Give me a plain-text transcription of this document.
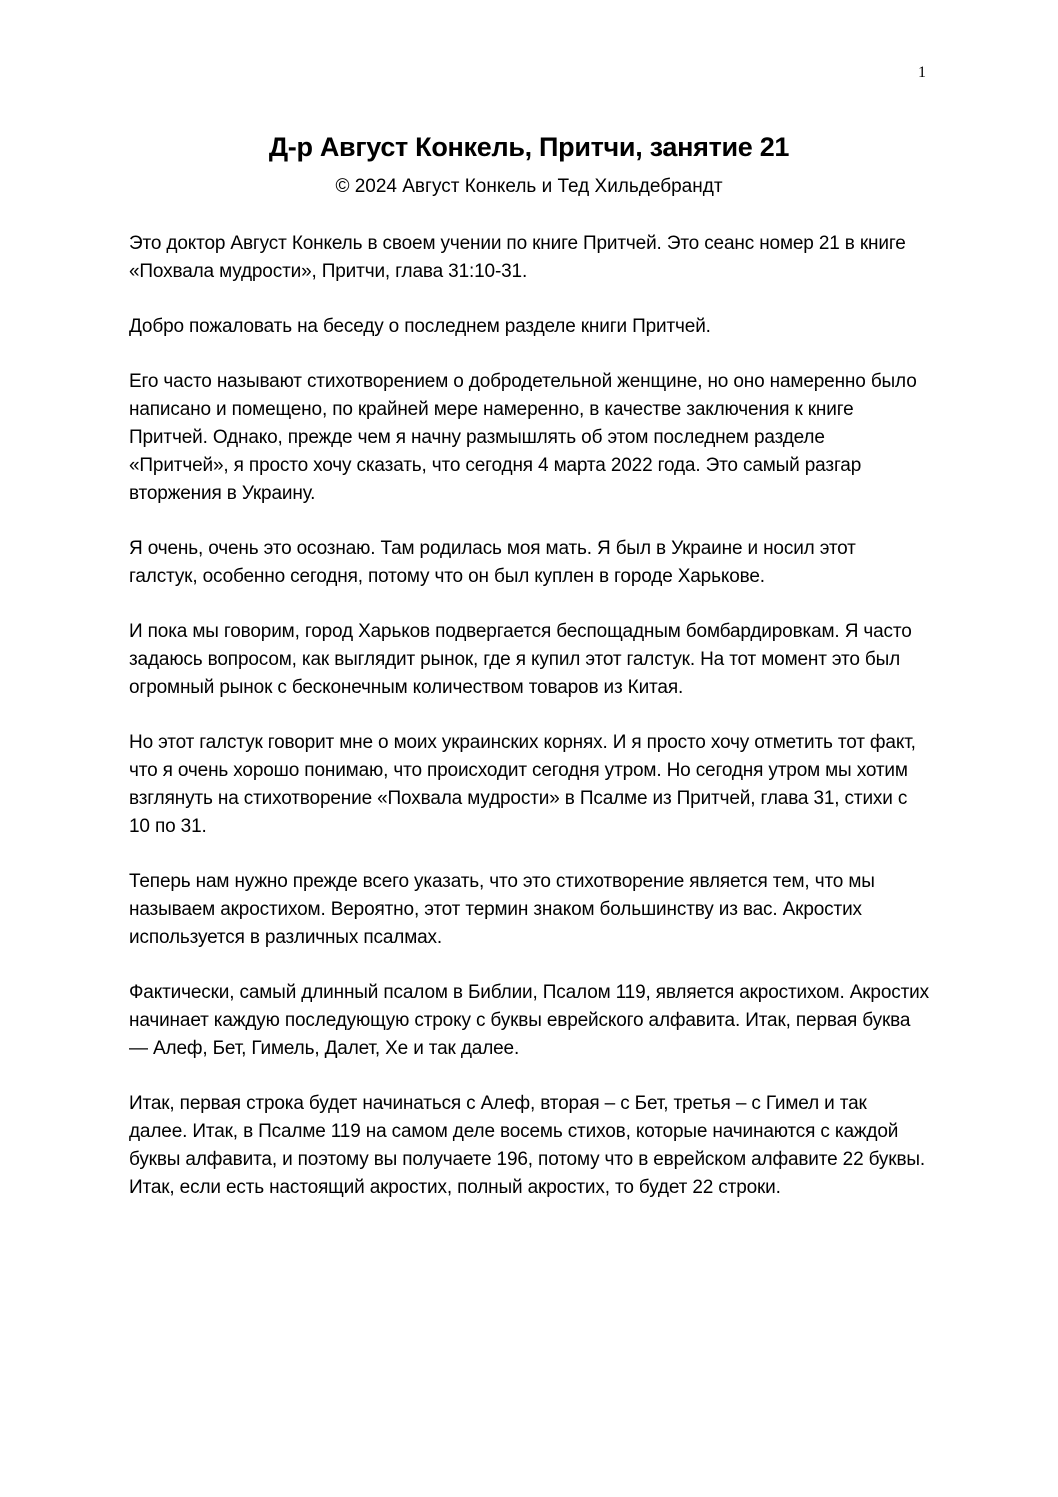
1
Д-р Август Конкель, Притчи, занятие 21
© 2024 Август Конкель и Тед Хильдебрандт

Это доктор Август Конкель в своем учении по книге Притчей. Это сеанс номер 21 в книге «Похвала мудрости», Притчи, глава 31:10-31.

Добро пожаловать на беседу о последнем разделе книги Притчей.

Его часто называют стихотворением о добродетельной женщине, но оно намеренно было написано и помещено, по крайней мере намеренно, в качестве заключения к книге Притчей. Однако, прежде чем я начну размышлять об этом последнем разделе «Притчей», я просто хочу сказать, что сегодня 4 марта 2022 года. Это самый разгар вторжения в Украину.

Я очень, очень это осознаю. Там родилась моя мать. Я был в Украине и носил этот галстук, особенно сегодня, потому что он был куплен в городе Харькове.

И пока мы говорим, город Харьков подвергается беспощадным бомбардировкам. Я часто задаюсь вопросом, как выглядит рынок, где я купил этот галстук. На тот момент это был огромный рынок с бесконечным количеством товаров из Китая.

Но этот галстук говорит мне о моих украинских корнях. И я просто хочу отметить тот факт, что я очень хорошо понимаю, что происходит сегодня утром. Но сегодня утром мы хотим взглянуть на стихотворение «Похвала мудрости» в Псалме из Притчей, глава 31, стихи с 10 по 31.

Теперь нам нужно прежде всего указать, что это стихотворение является тем, что мы называем акростихом. Вероятно, этот термин знаком большинству из вас. Акростих используется в различных псалмах.

Фактически, самый длинный псалом в Библии, Псалом 119, является акростихом. Акростих начинает каждую последующую строку с буквы еврейского алфавита. Итак, первая буква — Алеф, Бет, Гимель, Далет, Хе и так далее.

Итак, первая строка будет начинаться с Алеф, вторая – с Бет, третья – с Гимел и так далее. Итак, в Псалме 119 на самом деле восемь стихов, которые начинаются с каждой буквы алфавита, и поэтому вы получаете 196, потому что в еврейском алфавите 22 буквы. Итак, если есть настоящий акростих, полный акростих, то будет 22 строки.
